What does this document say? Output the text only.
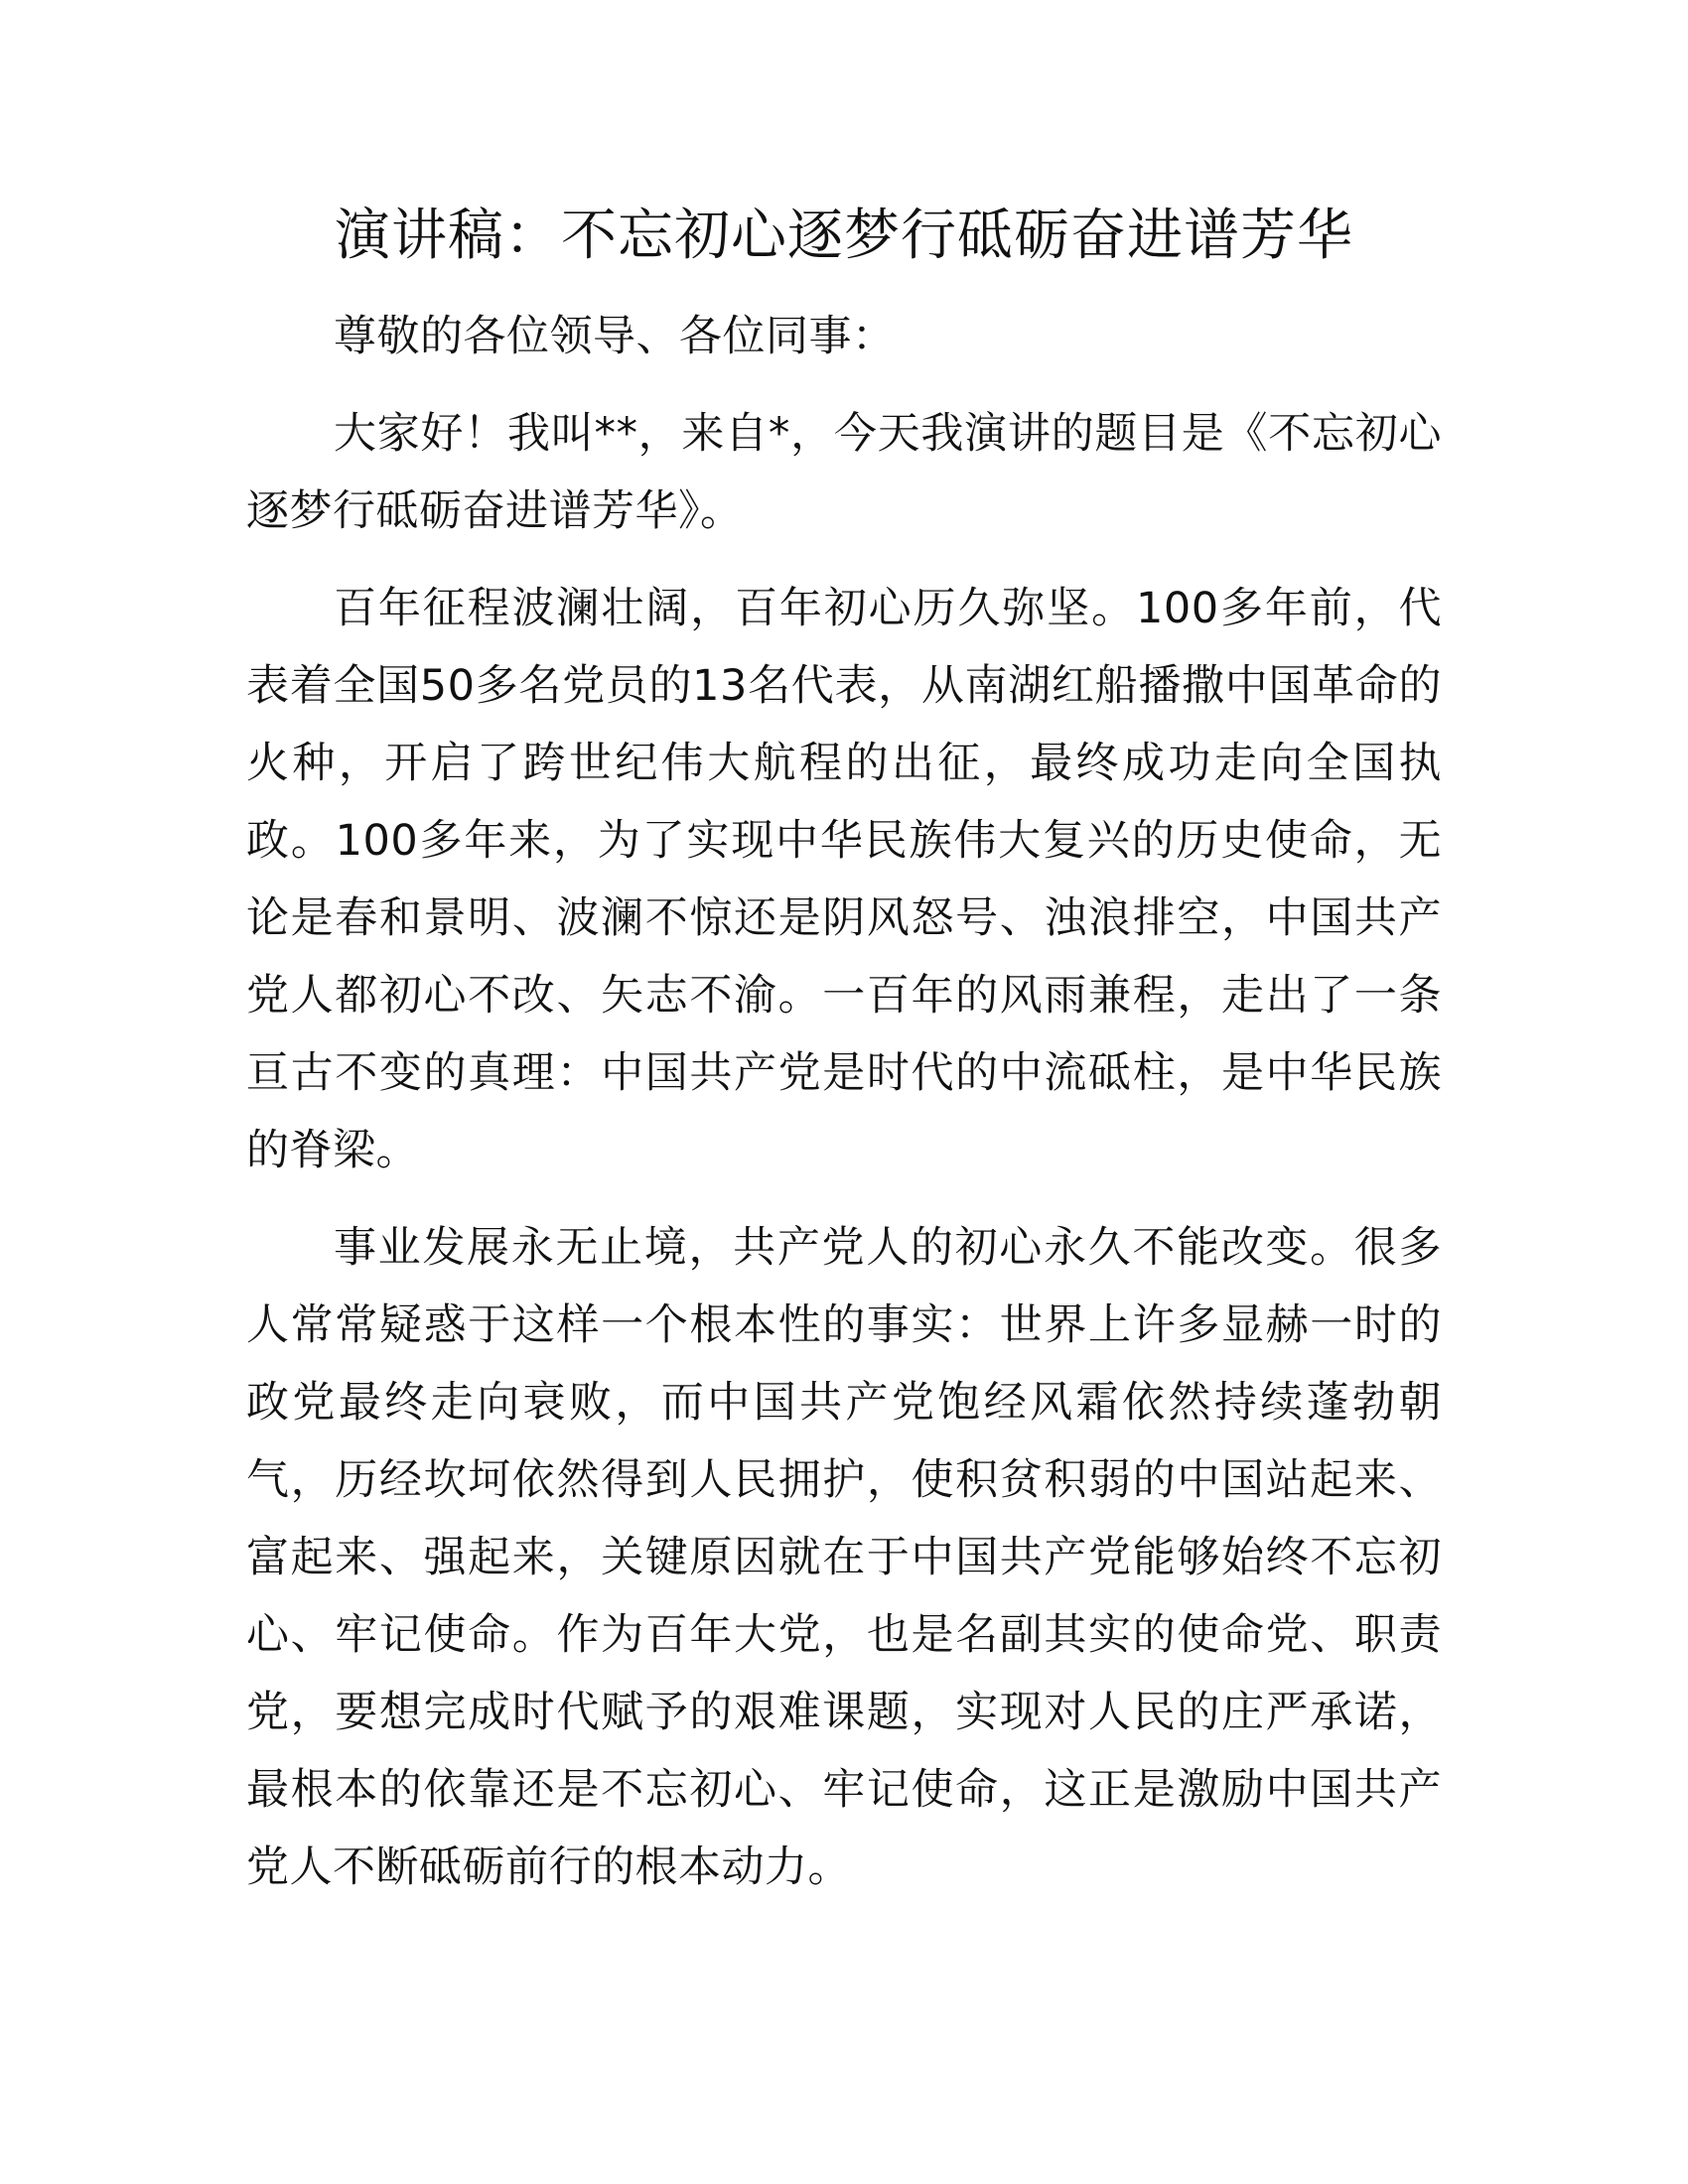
演讲稿：不忘初心逐梦行砥砺奋进谱芳华

尊敬的各位领导、各位同事：

大家好！我叫**，来自*，今天我演讲的题目是《不忘初心逐梦行砥砺奋进谱芳华》。

百年征程波澜壮阔，百年初心历久弥坚。100多年前，代表着全国50多名党员的13名代表，从南湖红船播撒中国革命的火种，开启了跨世纪伟大航程的出征，最终成功走向全国执政。100多年来，为了实现中华民族伟大复兴的历史使命，无论是春和景明、波澜不惊还是阴风怒号、浊浪排空，中国共产党人都初心不改、矢志不渝。一百年的风雨兼程，走出了一条亘古不变的真理：中国共产党是时代的中流砥柱，是中华民族的脊梁。

事业发展永无止境，共产党人的初心永久不能改变。很多人常常疑惑于这样一个根本性的事实：世界上许多显赫一时的政党最终走向衰败，而中国共产党饱经风霜依然持续蓬勃朝气，历经坎坷依然得到人民拥护，使积贫积弱的中国站起来、富起来、强起来，关键原因就在于中国共产党能够始终不忘初心、牢记使命。作为百年大党，也是名副其实的使命党、职责党，要想完成时代赋予的艰难课题，实现对人民的庄严承诺，最根本的依靠还是不忘初心、牢记使命，这正是激励中国共产党人不断砥砺前行的根本动力。
